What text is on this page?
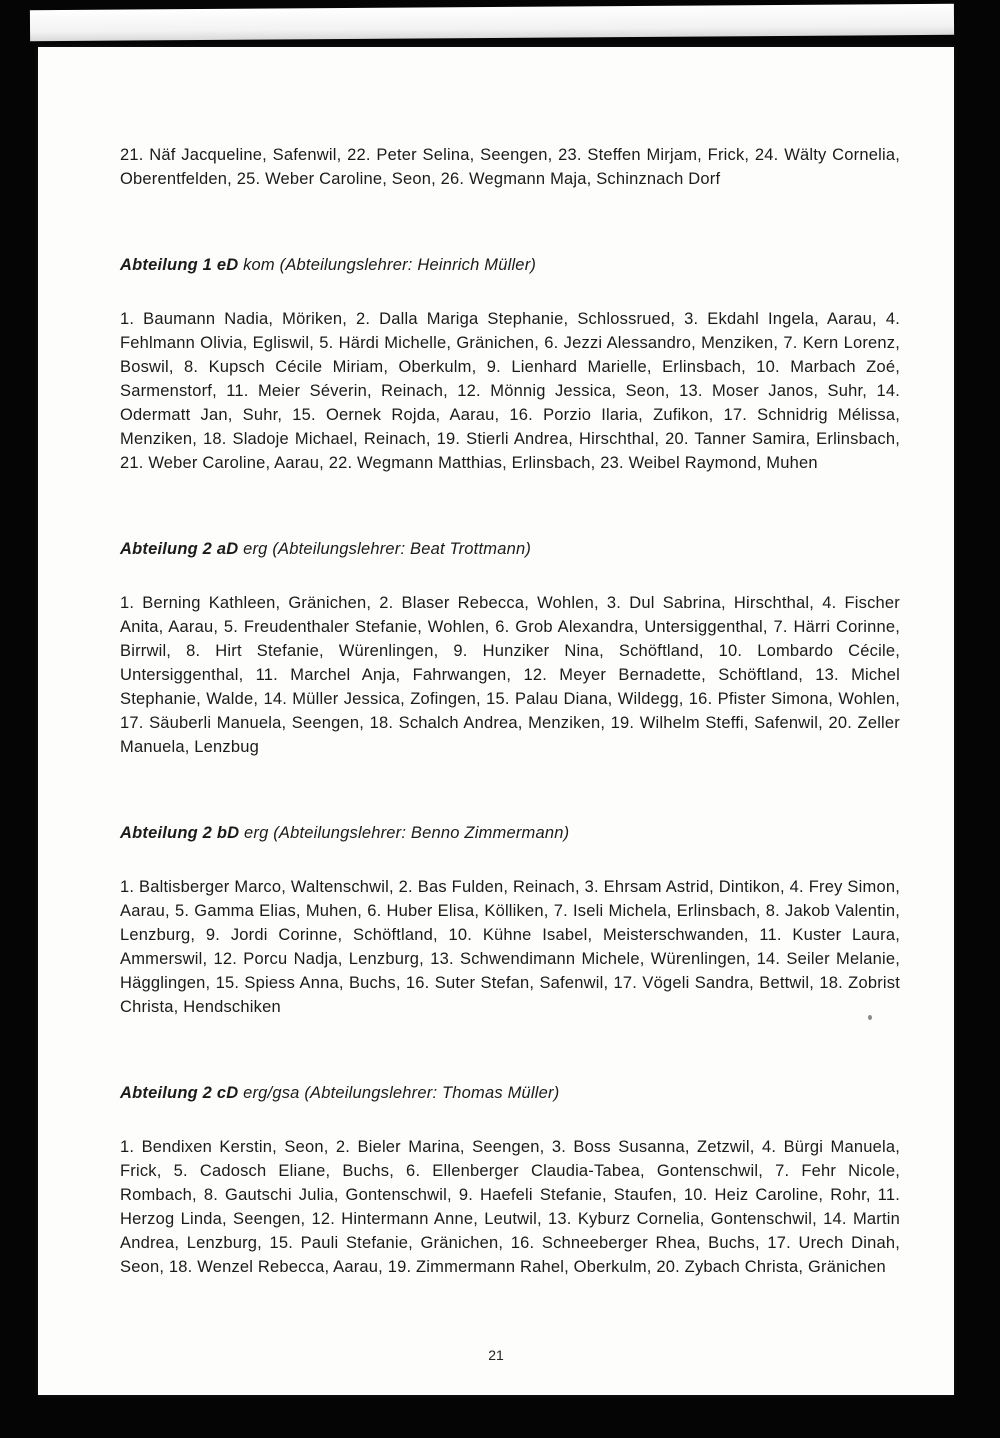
21. Näf Jacqueline, Safenwil, 22. Peter Selina, Seengen, 23. Steffen Mirjam, Frick, 24. Wälty Cornelia, Oberentfelden, 25. Weber Caroline, Seon, 26. Wegmann Maja, Schinznach Dorf

Abteilung 1 eD kom (Abteilungslehrer: Heinrich Müller)

1. Baumann Nadia, Möriken, 2. Dalla Mariga Stephanie, Schlossrued, 3. Ekdahl Ingela, Aarau, 4. Fehlmann Olivia, Egliswil, 5. Härdi Michelle, Gränichen, 6. Jezzi Alessandro, Menziken, 7. Kern Lorenz, Boswil, 8. Kupsch Cécile Miriam, Oberkulm, 9. Lienhard Marielle, Erlinsbach, 10. Marbach Zoé, Sarmenstorf, 11. Meier Séverin, Reinach, 12. Mönnig Jessica, Seon, 13. Moser Janos, Suhr, 14. Odermatt Jan, Suhr, 15. Oernek Rojda, Aarau, 16. Porzio Ilaria, Zufikon, 17. Schnidrig Mélissa, Menziken, 18. Sladoje Michael, Reinach, 19. Stierli Andrea, Hirschthal, 20. Tanner Samira, Erlinsbach, 21. Weber Caroline, Aarau, 22. Wegmann Matthias, Erlinsbach, 23. Weibel Raymond, Muhen

Abteilung 2 aD erg (Abteilungslehrer: Beat Trottmann)

1. Berning Kathleen, Gränichen, 2. Blaser Rebecca, Wohlen, 3. Dul Sabrina, Hirschthal, 4. Fischer Anita, Aarau, 5. Freudenthaler Stefanie, Wohlen, 6. Grob Alexandra, Untersiggenthal, 7. Härri Corinne, Birrwil, 8. Hirt Stefanie, Würenlingen, 9. Hunziker Nina, Schöftland, 10. Lombardo Cécile, Untersiggenthal, 11. Marchel Anja, Fahrwangen, 12. Meyer Bernadette, Schöftland, 13. Michel Stephanie, Walde, 14. Müller Jessica, Zofingen, 15. Palau Diana, Wildegg, 16. Pfister Simona, Wohlen, 17. Säuberli Manuela, Seengen, 18. Schalch Andrea, Menziken, 19. Wilhelm Steffi, Safenwil, 20. Zeller Manuela, Lenzbug

Abteilung 2 bD erg (Abteilungslehrer: Benno Zimmermann)

1. Baltisberger Marco, Waltenschwil, 2. Bas Fulden, Reinach, 3. Ehrsam Astrid, Dintikon, 4. Frey Simon, Aarau, 5. Gamma Elias, Muhen, 6. Huber Elisa, Kölliken, 7. Iseli Michela, Erlinsbach, 8. Jakob Valentin, Lenzburg, 9. Jordi Corinne, Schöftland, 10. Kühne Isabel, Meisterschwanden, 11. Kuster Laura, Ammerswil, 12. Porcu Nadja, Lenzburg, 13. Schwendimann Michele, Würenlingen, 14. Seiler Melanie, Hägglingen, 15. Spiess Anna, Buchs, 16. Suter Stefan, Safenwil, 17. Vögeli Sandra, Bettwil, 18. Zobrist Christa, Hendschiken

Abteilung 2 cD erg/gsa (Abteilungslehrer: Thomas Müller)

1. Bendixen Kerstin, Seon, 2. Bieler Marina, Seengen, 3. Boss Susanna, Zetzwil, 4. Bürgi Manuela, Frick, 5. Cadosch Eliane, Buchs, 6. Ellenberger Claudia-Tabea, Gontenschwil, 7. Fehr Nicole, Rombach, 8. Gautschi Julia, Gontenschwil, 9. Haefeli Stefanie, Staufen, 10. Heiz Caroline, Rohr, 11. Herzog Linda, Seengen, 12. Hintermann Anne, Leutwil, 13. Kyburz Cornelia, Gontenschwil, 14. Martin Andrea, Lenzburg, 15. Pauli Stefanie, Gränichen, 16. Schneeberger Rhea, Buchs, 17. Urech Dinah, Seon, 18. Wenzel Rebecca, Aarau, 19. Zimmermann Rahel, Oberkulm, 20. Zybach Christa, Gränichen

21
